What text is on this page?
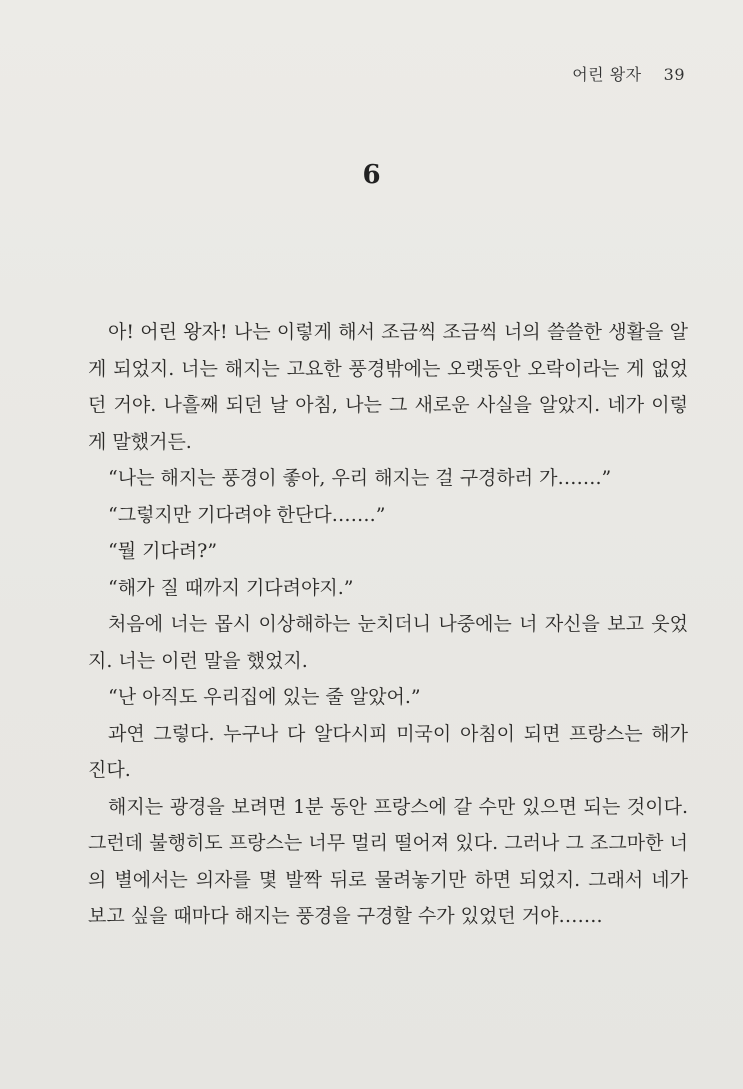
어린 왕자 39
6

아! 어린 왕자! 나는 이렇게 해서 조금씩 조금씩 너의 쓸쓸한 생활을 알게 되었지. 너는 해지는 고요한 풍경밖에는 오랫동안 오락이라는 게 없었던 거야. 나흘째 되던 날 아침, 나는 그 새로운 사실을 알았지. 네가 이렇게 말했거든.

“나는 해지는 풍경이 좋아, 우리 해지는 걸 구경하러 가…….”

“그렇지만 기다려야 한단다…….”

“뭘 기다려?”

“해가 질 때까지 기다려야지.”

처음에 너는 몹시 이상해하는 눈치더니 나중에는 너 자신을 보고 웃었지. 너는 이런 말을 했었지.

“난 아직도 우리집에 있는 줄 알았어.”

과연 그렇다. 누구나 다 알다시피 미국이 아침이 되면 프랑스는 해가 진다.

해지는 광경을 보려면 1분 동안 프랑스에 갈 수만 있으면 되는 것이다. 그런데 불행히도 프랑스는 너무 멀리 떨어져 있다. 그러나 그 조그마한 너의 별에서는 의자를 몇 발짝 뒤로 물려놓기만 하면 되었지. 그래서 네가 보고 싶을 때마다 해지는 풍경을 구경할 수가 있었던 거야…….
